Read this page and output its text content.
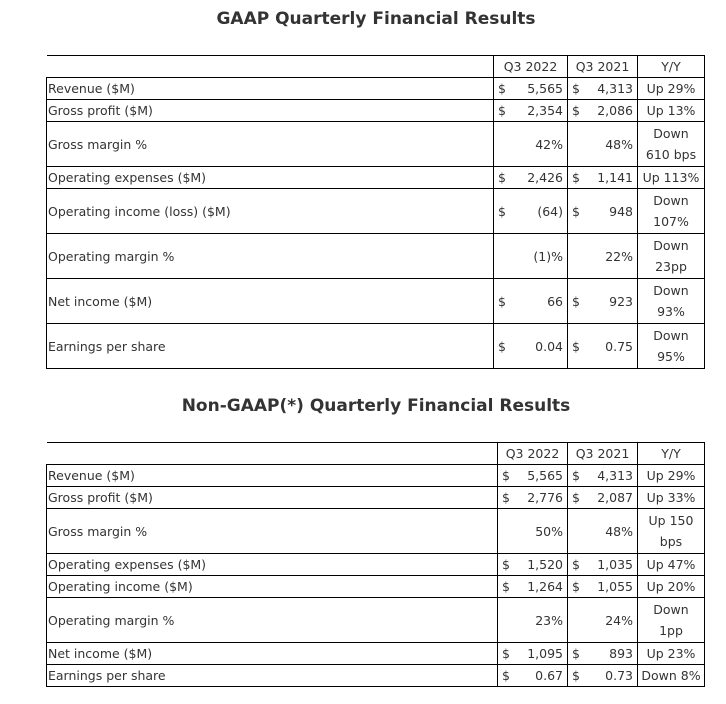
GAAP Quarterly Financial Results
	Q3 2022	Q3 2021	Y/Y
Revenue ($M)	$ 5,565	$ 4,313	Up 29%
Gross profit ($M)	$ 2,354	$ 2,086	Up 13%
Gross margin %	42%	48%	Down 610 bps
Operating expenses ($M)	$ 2,426	$ 1,141	Up 113%
Operating income (loss) ($M)	$ (64)	$ 948	Down 107%
Operating margin %	(1)%	22%	Down 23pp
Net income ($M)	$ 66	$ 923	Down 93%
Earnings per share	$ 0.04	$ 0.75	Down 95%
Non-GAAP(*) Quarterly Financial Results
	Q3 2022	Q3 2021	Y/Y
Revenue ($M)	$ 5,565	$ 4,313	Up 29%
Gross profit ($M)	$ 2,776	$ 2,087	Up 33%
Gross margin %	50%	48%	Up 150 bps
Operating expenses ($M)	$ 1,520	$ 1,035	Up 47%
Operating income ($M)	$ 1,264	$ 1,055	Up 20%
Operating margin %	23%	24%	Down 1pp
Net income ($M)	$ 1,095	$ 893	Up 23%
Earnings per share	$ 0.67	$ 0.73	Down 8%
